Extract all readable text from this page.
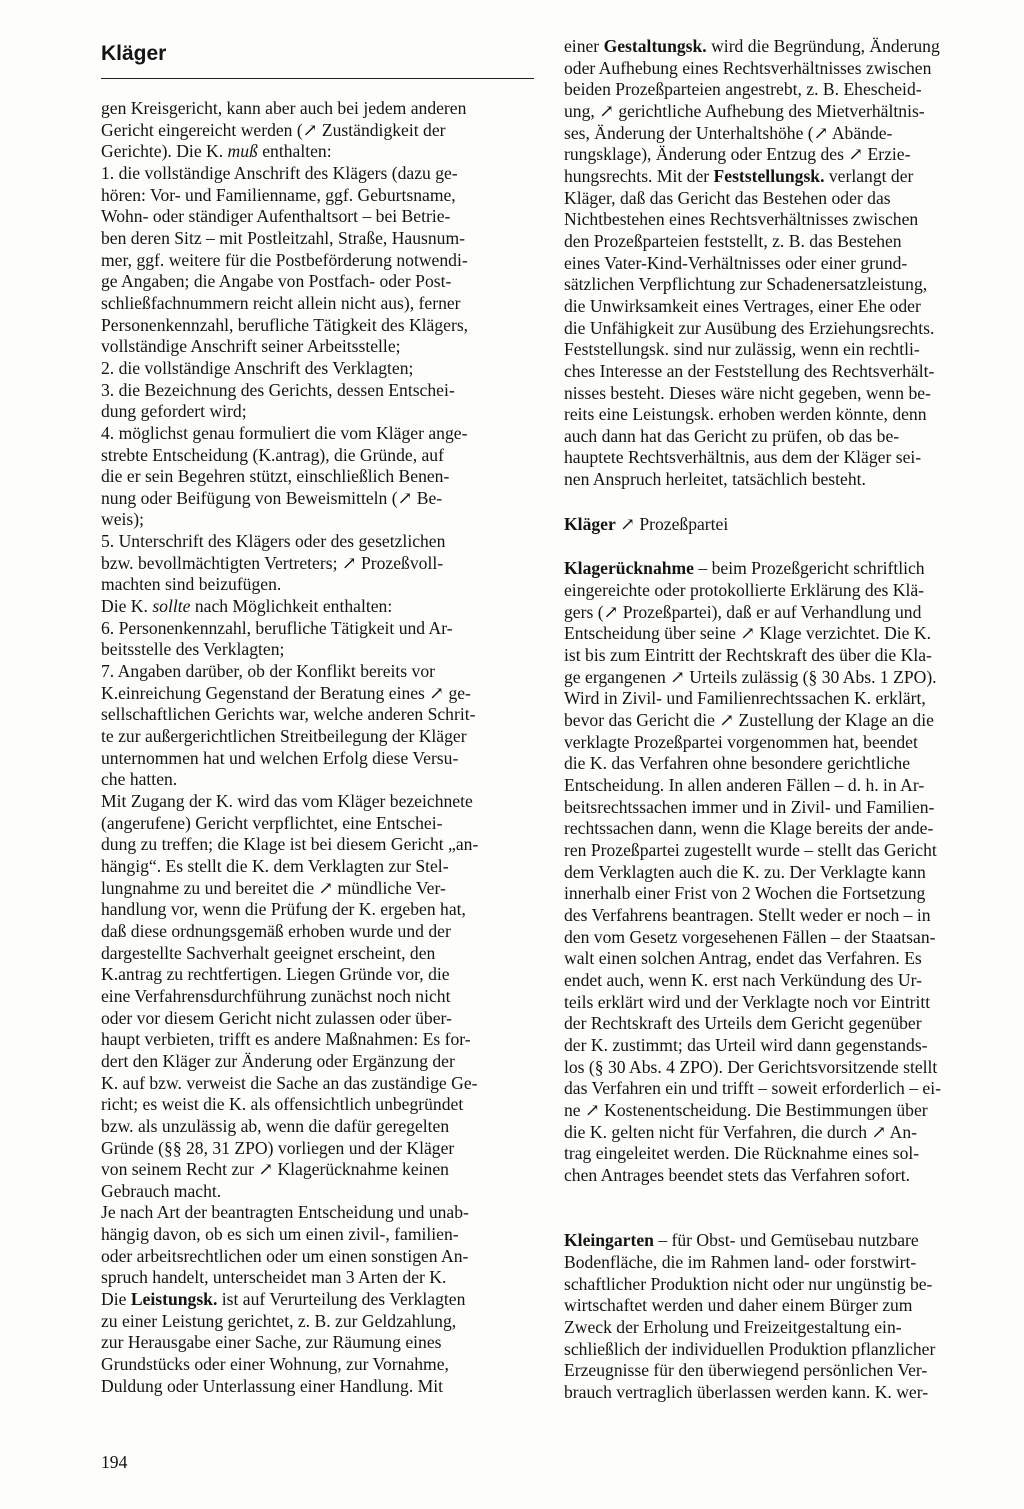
Kläger
gen Kreisgericht, kann aber auch bei jedem anderen
Gericht eingereicht werden (↗ Zuständigkeit der
Gerichte). Die K. muß enthalten:
1. die vollständige Anschrift des Klägers (dazu ge-
hören: Vor- und Familienname, ggf. Geburtsname,
Wohn- oder ständiger Aufenthaltsort – bei Betrie-
ben deren Sitz – mit Postleitzahl, Straße, Hausnum-
mer, ggf. weitere für die Postbeförderung notwendi-
ge Angaben; die Angabe von Postfach- oder Post-
schließfachnummern reicht allein nicht aus), ferner
Personenkennzahl, berufliche Tätigkeit des Klägers,
vollständige Anschrift seiner Arbeitsstelle;
2. die vollständige Anschrift des Verklagten;
3. die Bezeichnung des Gerichts, dessen Entschei-
dung gefordert wird;
4. möglichst genau formuliert die vom Kläger ange-
strebte Entscheidung (K.antrag), die Gründe, auf
die er sein Begehren stützt, einschließlich Benen-
nung oder Beifügung von Beweismitteln (↗ Be-
weis);
5. Unterschrift des Klägers oder des gesetzlichen
bzw. bevollmächtigten Vertreters; ↗ Prozeßvoll-
machten sind beizufügen.
Die K. sollte nach Möglichkeit enthalten:
6. Personenkennzahl, berufliche Tätigkeit und Ar-
beitsstelle des Verklagten;
7. Angaben darüber, ob der Konflikt bereits vor
K.einreichung Gegenstand der Beratung eines ↗ ge-
sellschaftlichen Gerichts war, welche anderen Schrit-
te zur außergerichtlichen Streitbeilegung der Kläger
unternommen hat und welchen Erfolg diese Versu-
che hatten.
Mit Zugang der K. wird das vom Kläger bezeichnete
(angerufene) Gericht verpflichtet, eine Entschei-
dung zu treffen; die Klage ist bei diesem Gericht „an-
hängig“. Es stellt die K. dem Verklagten zur Stel-
lungnahme zu und bereitet die ↗ mündliche Ver-
handlung vor, wenn die Prüfung der K. ergeben hat,
daß diese ordnungsgemäß erhoben wurde und der
dargestellte Sachverhalt geeignet erscheint, den
K.antrag zu rechtfertigen. Liegen Gründe vor, die
eine Verfahrensdurchführung zunächst noch nicht
oder vor diesem Gericht nicht zulassen oder über-
haupt verbieten, trifft es andere Maßnahmen: Es for-
dert den Kläger zur Änderung oder Ergänzung der
K. auf bzw. verweist die Sache an das zuständige Ge-
richt; es weist die K. als offensichtlich unbegründet
bzw. als unzulässig ab, wenn die dafür geregelten
Gründe (§§ 28, 31 ZPO) vorliegen und der Kläger
von seinem Recht zur ↗ Klagerücknahme keinen
Gebrauch macht.
Je nach Art der beantragten Entscheidung und unab-
hängig davon, ob es sich um einen zivil-, familien-
oder arbeitsrechtlichen oder um einen sonstigen An-
spruch handelt, unterscheidet man 3 Arten der K.
Die Leistungsk. ist auf Verurteilung des Verklagten
zu einer Leistung gerichtet, z. B. zur Geldzahlung,
zur Herausgabe einer Sache, zur Räumung eines
Grundstücks oder einer Wohnung, zur Vornahme,
Duldung oder Unterlassung einer Handlung. Mit
einer Gestaltungsk. wird die Begründung, Änderung
oder Aufhebung eines Rechtsverhältnisses zwischen
beiden Prozeßparteien angestrebt, z. B. Ehescheid-
ung, ↗ gerichtliche Aufhebung des Mietverhältnis-
ses, Änderung der Unterhaltshöhe (↗ Abände-
rungsklage), Änderung oder Entzug des ↗ Erzie-
hungsrechts. Mit der Feststellungsk. verlangt der
Kläger, daß das Gericht das Bestehen oder das
Nichtbestehen eines Rechtsverhältnisses zwischen
den Prozeßparteien feststellt, z. B. das Bestehen
eines Vater-Kind-Verhältnisses oder einer grund-
sätzlichen Verpflichtung zur Schadenersatzleistung,
die Unwirksamkeit eines Vertrages, einer Ehe oder
die Unfähigkeit zur Ausübung des Erziehungsrechts.
Feststellungsk. sind nur zulässig, wenn ein rechtli-
ches Interesse an der Feststellung des Rechtsverhält-
nisses besteht. Dieses wäre nicht gegeben, wenn be-
reits eine Leistungsk. erhoben werden könnte, denn
auch dann hat das Gericht zu prüfen, ob das be-
hauptete Rechtsverhältnis, aus dem der Kläger sei-
nen Anspruch herleitet, tatsächlich besteht.

Kläger ↗ Prozeßpartei

Klagerücknahme – beim Prozeßgericht schriftlich

eingereichte oder protokollierte Erklärung des Klä-
gers (↗ Prozeßpartei), daß er auf Verhandlung und
Entscheidung über seine ↗ Klage verzichtet. Die K.
ist bis zum Eintritt der Rechtskraft des über die Kla-
ge ergangenen ↗ Urteils zulässig (§ 30 Abs. 1 ZPO).
Wird in Zivil- und Familienrechtssachen K. erklärt,
bevor das Gericht die ↗ Zustellung der Klage an die
verklagte Prozeßpartei vorgenommen hat, beendet
die K. das Verfahren ohne besondere gerichtliche
Entscheidung. In allen anderen Fällen – d. h. in Ar-
beitsrechtssachen immer und in Zivil- und Familien-
rechtssachen dann, wenn die Klage bereits der ande-
ren Prozeßpartei zugestellt wurde – stellt das Gericht
dem Verklagten auch die K. zu. Der Verklagte kann
innerhalb einer Frist von 2 Wochen die Fortsetzung
des Verfahrens beantragen. Stellt weder er noch – in
den vom Gesetz vorgesehenen Fällen – der Staatsan-
walt einen solchen Antrag, endet das Verfahren. Es
endet auch, wenn K. erst nach Verkündung des Ur-
teils erklärt wird und der Verklagte noch vor Eintritt
der Rechtskraft des Urteils dem Gericht gegenüber
der K. zustimmt; das Urteil wird dann gegenstands-
los (§ 30 Abs. 4 ZPO). Der Gerichtsvorsitzende stellt
das Verfahren ein und trifft – soweit erforderlich – ei-
ne ↗ Kostenentscheidung. Die Bestimmungen über
die K. gelten nicht für Verfahren, die durch ↗ An-
trag eingeleitet werden. Die Rücknahme eines sol-
chen Antrages beendet stets das Verfahren sofort.

Kleingarten – für Obst- und Gemüsebau nutzbare

Bodenfläche, die im Rahmen land- oder forstwirt-
schaftlicher Produktion nicht oder nur ungünstig be-
wirtschaftet werden und daher einem Bürger zum
Zweck der Erholung und Freizeitgestaltung ein-
schließlich der individuellen Produktion pflanzlicher
Erzeugnisse für den überwiegend persönlichen Ver-
brauch vertraglich überlassen werden kann. K. wer-

194
